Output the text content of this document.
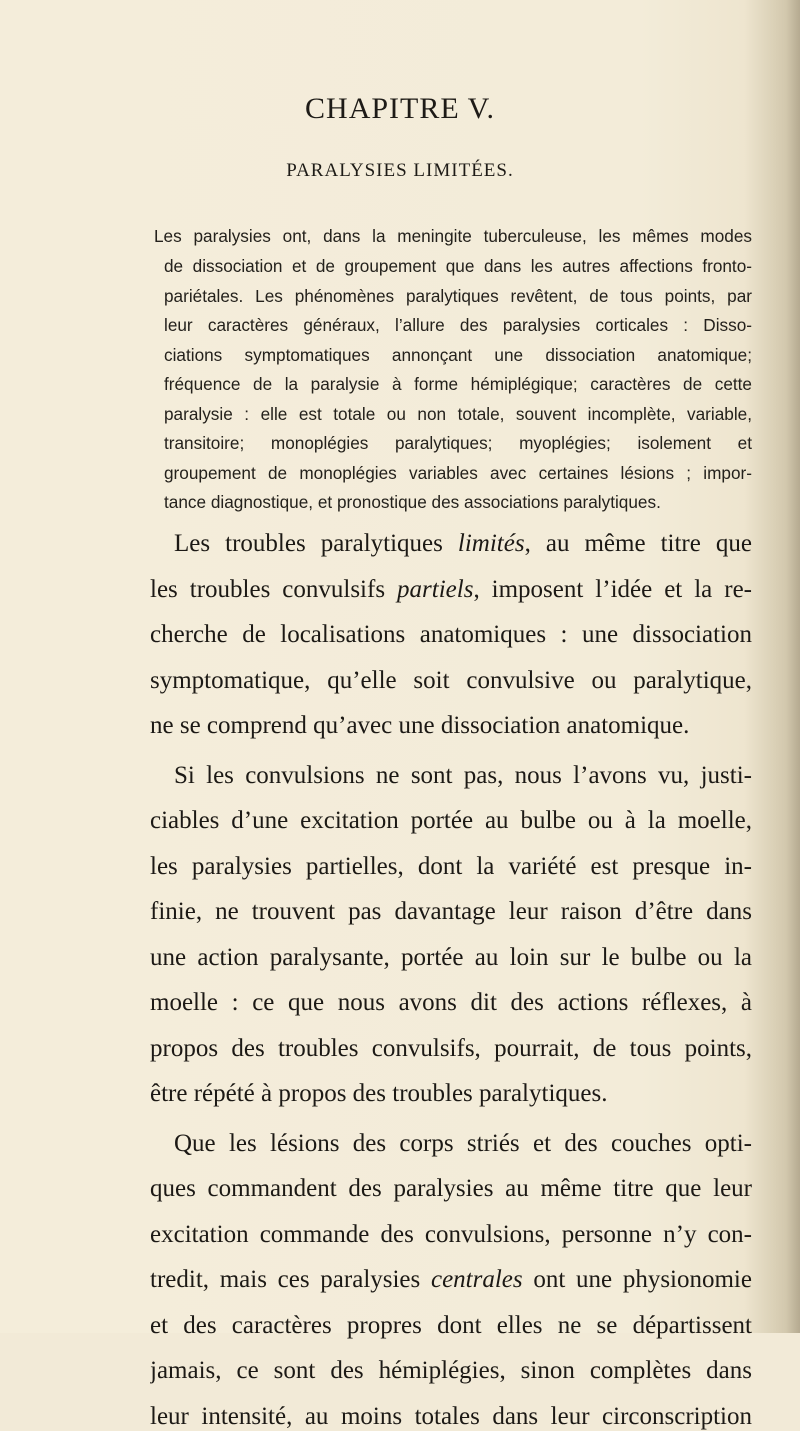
CHAPITRE V.
PARALYSIES LIMITÉES.
Les paralysies ont, dans la meningite tuberculeuse, les mêmes modes
de dissociation et de groupement que dans les autres affections fronto-
pariétales. Les phénomènes paralytiques revêtent, de tous points, par
leur caractères généraux, l’allure des paralysies corticales : Disso-
ciations symptomatiques annonçant une dissociation anatomique;
fréquence de la paralysie à forme hémiplégique; caractères de cette
paralysie : elle est totale ou non totale, souvent incomplète, variable,
transitoire; monoplégies paralytiques; myoplégies; isolement et
groupement de monoplégies variables avec certaines lésions ; impor-
tance diagnostique, et pronostique des associations paralytiques.
Les troubles paralytiques limités, au même titre que
les troubles convulsifs partiels, imposent l’idée et la re-
cherche de localisations anatomiques : une dissociation
symptomatique, qu’elle soit convulsive ou paralytique,
ne se comprend qu’avec une dissociation anatomique.
Si les convulsions ne sont pas, nous l’avons vu, justi-
ciables d’une excitation portée au bulbe ou à la moelle,
les paralysies partielles, dont la variété est presque in-
finie, ne trouvent pas davantage leur raison d’être dans
une action paralysante, portée au loin sur le bulbe ou la
moelle : ce que nous avons dit des actions réflexes, à
propos des troubles convulsifs, pourrait, de tous points,
être répété à propos des troubles paralytiques.
Que les lésions des corps striés et des couches opti-
ques commandent des paralysies au même titre que leur
excitation commande des convulsions, personne n’y con-
tredit, mais ces paralysies centrales ont une physionomie
et des caractères propres dont elles ne se départissent
jamais, ce sont des hémiplégies, sinon complètes dans
leur intensité, au moins totales dans leur circonscription
